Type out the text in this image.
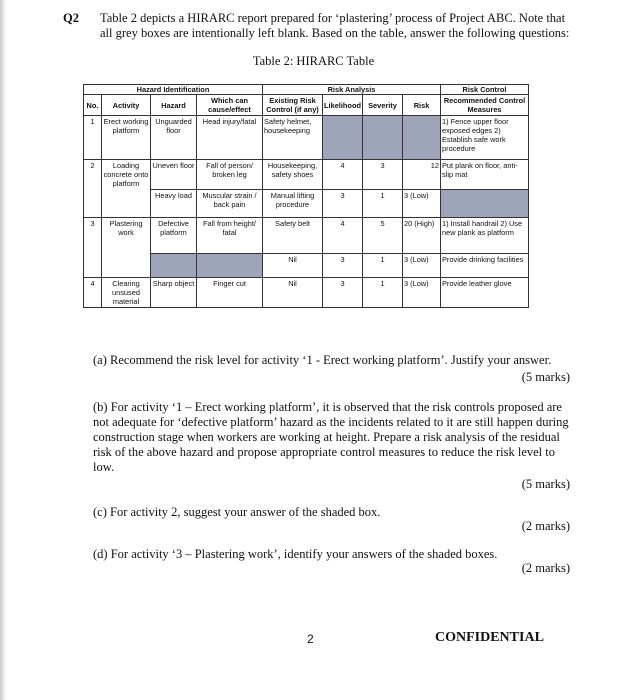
Q2 Table 2 depicts a HIRARC report prepared for ‘plastering’ process of Project ABC. Note that all grey boxes are intentionally left blank. Based on the table, answer the following questions:
Table 2: HIRARC Table
Hazard Identification				Risk Analysis				Risk Control
No.	Activity	Hazard	Which can cause/effect	Existing Risk Control (if any)	Likelihood	Severity	Risk	Recommended Control Measures
1	Erect working platform	Unguarded floor	Head injury/fatal	Safety helmet, housekeeping				1) Fence upper floor exposed edges 2) Establish safe work procedure
2	Loading concrete onto platform	Uneven floor	Fall of person/ broken leg	Housekeeping, safety shoes	4	3	12	Put plank on floor, anti-slip mat
		Heavy load	Muscular strain / back pain	Manual lifting procedure	3	1	3 (Low)	
3	Plastering work	Defective platform	Fall from height/ fatal	Safety belt	4	5	20 (High)	1) Install handrail 2) Use new plank as platform
				Nil	3	1	3 (Low)	Provide drinking facilities
4	Clearing unsused material	Sharp object	Finger cut	Nil	3	1	3 (Low)	Provide leather glove
(a) Recommend the risk level for activity ‘1 - Erect working platform’. Justify your answer.
(5 marks)
(b) For activity ‘1 – Erect working platform’, it is observed that the risk controls proposed are not adequate for ‘defective platform’ hazard as the incidents related to it are still happen during construction stage when workers are working at height. Prepare a risk analysis of the residual risk of the above hazard and propose appropriate control measures to reduce the risk level to low.
(5 marks)
(c) For activity 2, suggest your answer of the shaded box.
(2 marks)
(d) For activity ‘3 – Plastering work’, identify your answers of the shaded boxes.
(2 marks)
2	CONFIDENTIAL
